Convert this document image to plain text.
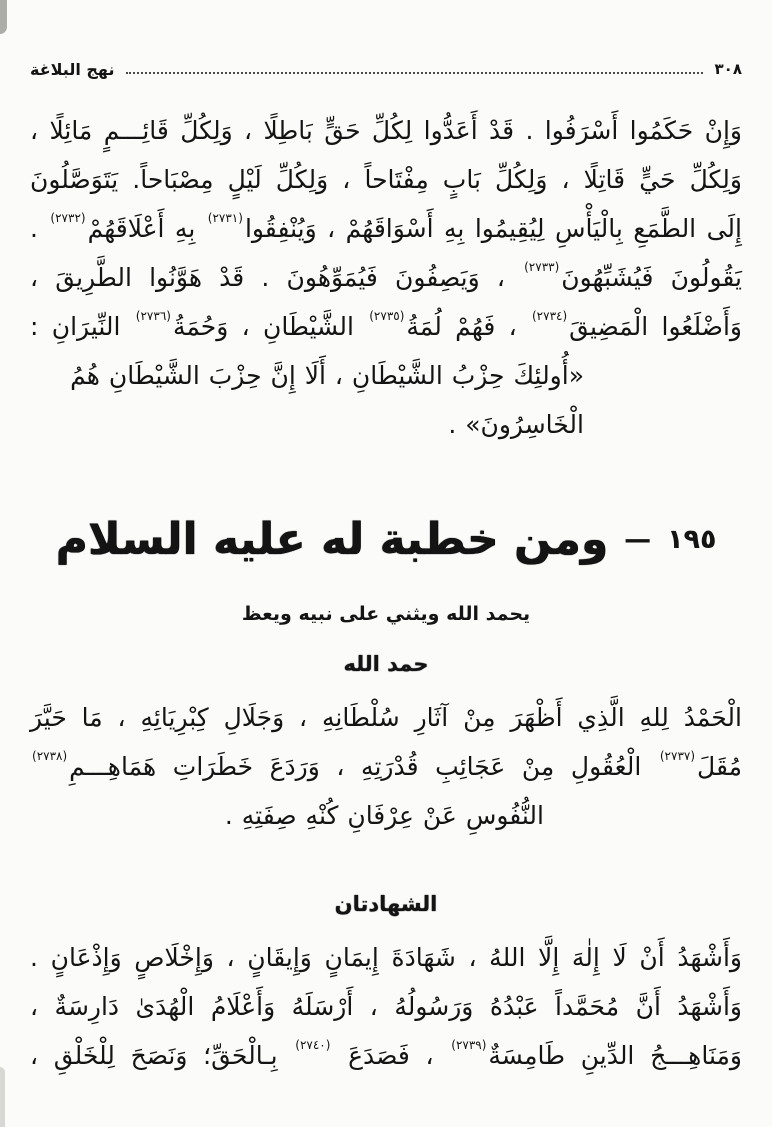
٣٠٨
نهج البلاغة

وَإِنْ حَكَمُوا أَسْرَفُوا . قَدْ أَعَدُّوا لِكُلِّ حَقٍّ بَاطِلًا ، وَلِكُلِّ قَائِـــمٍ مَائِلًا ،

وَلِكُلِّ حَيٍّ قَاتِلًا ، وَلِكُلِّ بَابٍ مِفْتَاحاً ، وَلِكُلِّ لَيْلٍ مِصْبَاحاً. يَتَوَصَّلُونَ

إِلَى الطَّمَعِ بِالْيَأْسِ لِيُقِيمُوا بِهِ أَسْوَاقَهُمْ ، وَيُنْفِقُوا$^{(٢٧٣١)}$ بِهِ أَعْلَاقَهُمْ$^{(٢٧٣٢)}$ .

يَقُولُونَ فَيُشَبِّهُونَ$^{(٢٧٣٣)}$ ، وَيَصِفُونَ فَيُمَوِّهُونَ . قَدْ هَوَّنُوا الطَّرِيقَ ،

وَأَضْلَعُوا الْمَضِيقَ$^{(٢٧٣٤)}$ ، فَهُمْ لُمَةُ$^{(٢٧٣٥)}$ الشَّيْطَانِ ، وَحُمَةُ$^{(٢٧٣٦)}$ النِّيرَانِ :

«أُولئِكَ حِزْبُ الشَّيْطَانِ ، أَلَا إِنَّ حِزْبَ الشَّيْطَانِ هُمُ الْخَاسِرُونَ» .

١٩٥
—
ومن خطبة له عليه السلام
يحمد الله ويثني على نبيه ويعظ
حمد الله

الْحَمْدُ لِلهِ الَّذِي أَظْهَرَ مِنْ آثَارِ سُلْطَانِهِ ، وَجَلَالِ كِبْرِيَائِهِ ، مَا حَيَّرَ

مُقَلَ$^{(٢٧٣٧)}$ الْعُقُولِ مِنْ عَجَائِبِ قُدْرَتِهِ ، وَرَدَعَ خَطَرَاتِ هَمَاهِـــمِ$^{(٢٧٣٨)}$

النُّفُوسِ عَنْ عِرْفَانِ كُنْهِ صِفَتِهِ .

الشهادتان

وَأَشْهَدُ أَنْ لَا إِلٰهَ إِلَّا اللهُ ، شَهَادَةَ إِيمَانٍ وَإِيقَانٍ ، وَإِخْلَاصٍ وَإِذْعَانٍ .

وَأَشْهَدُ أَنَّ مُحَمَّداً عَبْدُهُ وَرَسُولُهُ ، أَرْسَلَهُ وَأَعْلَامُ الْهُدَىٰ دَارِسَةٌ ،

وَمَنَاهِـــجُ الدِّينِ طَامِسَةٌ$^{(٢٧٣٩)}$ ، فَصَدَعَ $^{(٢٧٤٠)}$ بِـالْحَقِّ؛ وَنَصَحَ لِلْخَلْقِ ،
